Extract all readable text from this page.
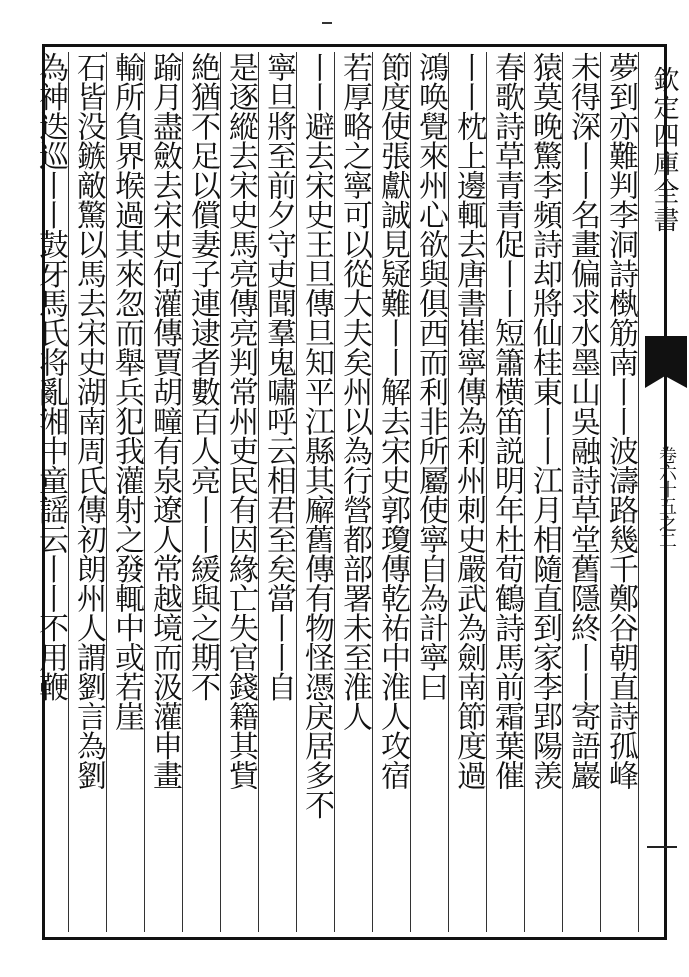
夢到亦難判李洞詩槸筋南丨丨波濤路幾千鄭谷朝直詩孤峰
未得深丨丨名畫偏求水墨山吳融詩草堂舊隱終丨丨寄語巖
猿莫晚驚李頻詩却將仙桂東丨丨江月相隨直到家李郢陽羡
春歌詩草青青促丨丨短簫横笛説明年杜荀鶴詩馬前霜葉催
丨丨枕上邊輒去唐書崔寧傳為利州刺史嚴武為劍南節度過
鴻唤覺來州心欲與俱西而利非所屬使寧自為計寧曰
節度使張獻誠見疑難丨丨解去宋史郭瓊傳乾祐中淮人攻宿
若厚略之寧可以從大夫矣州以為行營都部署未至淮人
丨丨避去宋史王旦傳旦知平江縣其廨舊傳有物怪憑戾居多不
寧旦將至前夕守吏聞羣鬼嘯呼云相君至矣當丨丨自
是逐縱去宋史馬亮傳亮判常州吏民有因緣亡失官錢籍其貲
絶猶不足以償妻子連逮者數百人亮丨丨緩與之期不
踰月盡斂去宋史何灌傳賈胡疃有泉遼人常越境而汲灌申畫
輸所負界堠過其來忽而舉兵犯我灌射之發輒中或若崖
石皆没鏃敵驚以馬去宋史湖南周氏傳初朗州人謂劉言為劉
為神迭巡丨丨鼓牙馬氏将亂湘中童謡云丨丨不用鞭	欽定四庫全書
卷六十五之二
